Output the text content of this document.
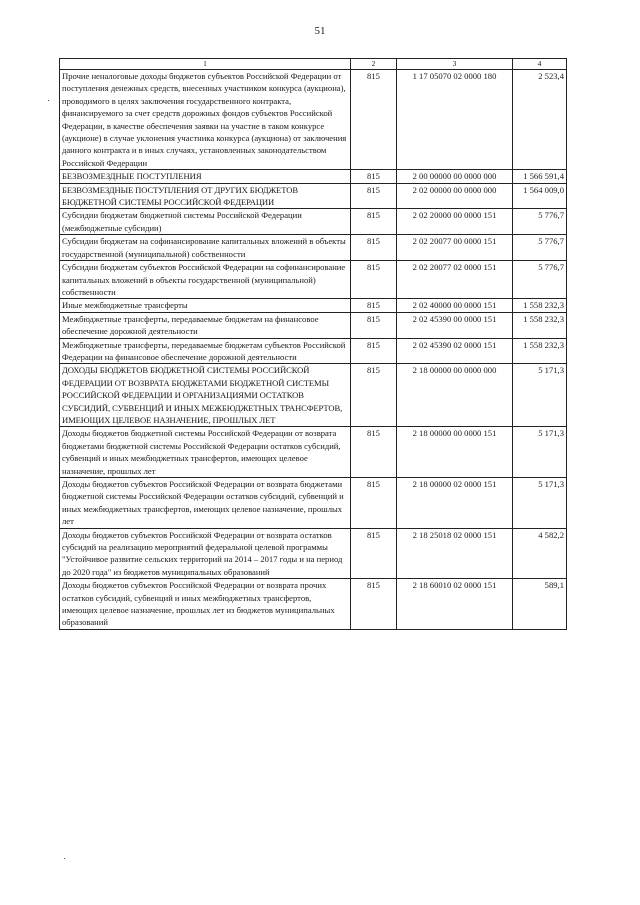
51
1	2	3	4
Прочие неналоговые доходы бюджетов субъектов Российской Федерации от поступления денежных средств, внесенных участником конкурса (аукциона), проводимого в целях заключения государственного контракта, финансируемого за счет средств дорожных фондов субъектов Российской Федерации, в качестве обеспечения заявки на участие в таком конкурсе (аукционе) в случае уклонения участника конкурса (аукциона) от заключения данного контракта и в иных случаях, установленных законодательством Российской Федерации	815	1 17 05070 02 0000 180	2 523,4
БЕЗВОЗМЕЗДНЫЕ ПОСТУПЛЕНИЯ	815	2 00 00000 00 0000 000	1 566 591,4
БЕЗВОЗМЕЗДНЫЕ ПОСТУПЛЕНИЯ ОТ ДРУГИХ БЮДЖЕТОВ БЮДЖЕТНОЙ СИСТЕМЫ РОССИЙСКОЙ ФЕДЕРАЦИИ	815	2 02 00000 00 0000 000	1 564 009,0
Субсидии бюджетам бюджетной системы Российской Федерации (межбюджетные субсидии)	815	2 02 20000 00 0000 151	5 776,7
Субсидии бюджетам на софинансирование капитальных вложений в объекты государственной (муниципальной) собственности	815	2 02 20077 00 0000 151	5 776,7
Субсидии бюджетам субъектов Российской Федерации на софинансирование капитальных вложений в объекты государственной (муниципальной) собственности	815	2 02 20077 02 0000 151	5 776,7
Иные межбюджетные трансферты	815	2 02 40000 00 0000 151	1 558 232,3
Межбюджетные трансферты, передаваемые бюджетам на финансовое обеспечение дорожной деятельности	815	2 02 45390 00 0000 151	1 558 232,3
Межбюджетные трансферты, передаваемые бюджетам субъектов Российской Федерации на финансовое обеспечение дорожной деятельности	815	2 02 45390 02 0000 151	1 558 232,3
ДОХОДЫ БЮДЖЕТОВ БЮДЖЕТНОЙ СИСТЕМЫ РОССИЙСКОЙ ФЕДЕРАЦИИ ОТ ВОЗВРАТА БЮДЖЕТАМИ БЮДЖЕТНОЙ СИСТЕМЫ РОССИЙСКОЙ ФЕДЕРАЦИИ И ОРГАНИЗАЦИЯМИ ОСТАТКОВ СУБСИДИЙ, СУБВЕНЦИЙ И ИНЫХ МЕЖБЮДЖЕТНЫХ ТРАНСФЕРТОВ, ИМЕЮЩИХ ЦЕЛЕВОЕ НАЗНАЧЕНИЕ, ПРОШЛЫХ ЛЕТ	815	2 18 00000 00 0000 000	5 171,3
Доходы бюджетов бюджетной системы Российской Федерации от возврата бюджетами бюджетной системы Российской Федерации остатков субсидий, субвенций и иных межбюджетных трансфертов, имеющих целевое назначение, прошлых лет	815	2 18 00000 00 0000 151	5 171,3
Доходы бюджетов субъектов Российской Федерации от возврата бюджетами бюджетной системы Российской Федерации остатков субсидий, субвенций и иных межбюджетных трансфертов, имеющих целевое назначение, прошлых лет	815	2 18 00000 02 0000 151	5 171,3
Доходы бюджетов субъектов Российской Федерации от возврата остатков субсидий на реализацию мероприятий федеральной целевой программы "Устойчивое развитие сельских территорий на 2014 – 2017 годы и на период до 2020 года" из бюджетов муниципальных образований	815	2 18 25018 02 0000 151	4 582,2
Доходы бюджетов субъектов Российской Федерации от возврата прочих остатков субсидий, субвенций и иных межбюджетных трансфертов, имеющих целевое назначение, прошлых лет из бюджетов муниципальных образований	815	2 18 60010 02 0000 151	589,1
